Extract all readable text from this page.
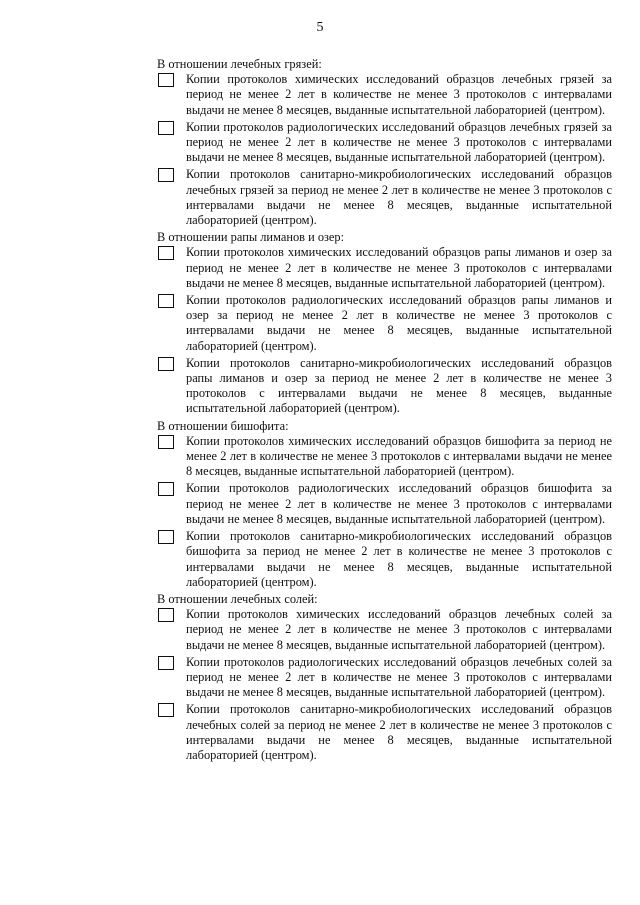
5

В отношении лечебных грязей:

Копии протоколов химических исследований образцов лечебных грязей за период не менее 2 лет в количестве не менее 3 протоколов с интервалами выдачи не менее 8 месяцев, выданные испытательной лабораторией (центром).

Копии протоколов радиологических исследований образцов лечебных грязей за период не менее 2 лет в количестве не менее 3 протоколов с интервалами выдачи не менее 8 месяцев, выданные испытательной лабораторией (центром).

Копии протоколов санитарно-микробиологических исследований образцов лечебных грязей за период не менее 2 лет в количестве не менее 3 протоколов с интервалами выдачи не менее 8 месяцев, выданные испытательной лабораторией (центром).

В отношении рапы лиманов и озер:

Копии протоколов химических исследований образцов рапы лиманов и озер за период не менее 2 лет в количестве не менее 3 протоколов с интервалами выдачи не менее 8 месяцев, выданные испытательной лабораторией (центром).

Копии протоколов радиологических исследований образцов рапы лиманов и озер за период не менее 2 лет в количестве не менее 3 протоколов с интервалами выдачи не менее 8 месяцев, выданные испытательной лабораторией (центром).

Копии протоколов санитарно-микробиологических исследований образцов рапы лиманов и озер за период не менее 2 лет в количестве не менее 3 протоколов с интервалами выдачи не менее 8 месяцев, выданные испытательной лабораторией (центром).

В отношении бишофита:

Копии протоколов химических исследований образцов бишофита за период не менее 2 лет в количестве не менее 3 протоколов с интервалами выдачи не менее 8 месяцев, выданные испытательной лабораторией (центром).

Копии протоколов радиологических исследований образцов бишофита за период не менее 2 лет в количестве не менее 3 протоколов с интервалами выдачи не менее 8 месяцев, выданные испытательной лабораторией (центром).

Копии протоколов санитарно-микробиологических исследований образцов бишофита за период не менее 2 лет в количестве не менее 3 протоколов с интервалами выдачи не менее 8 месяцев, выданные испытательной лабораторией (центром).

В отношении лечебных солей:

Копии протоколов химических исследований образцов лечебных солей за период не менее 2 лет в количестве не менее 3 протоколов с интервалами выдачи не менее 8 месяцев, выданные испытательной лабораторией (центром).

Копии протоколов радиологических исследований образцов лечебных солей за период не менее 2 лет в количестве не менее 3 протоколов с интервалами выдачи не менее 8 месяцев, выданные испытательной лабораторией (центром).

Копии протоколов санитарно-микробиологических исследований образцов лечебных солей за период не менее 2 лет в количестве не менее 3 протоколов с интервалами выдачи не менее 8 месяцев, выданные испытательной лабораторией (центром).
